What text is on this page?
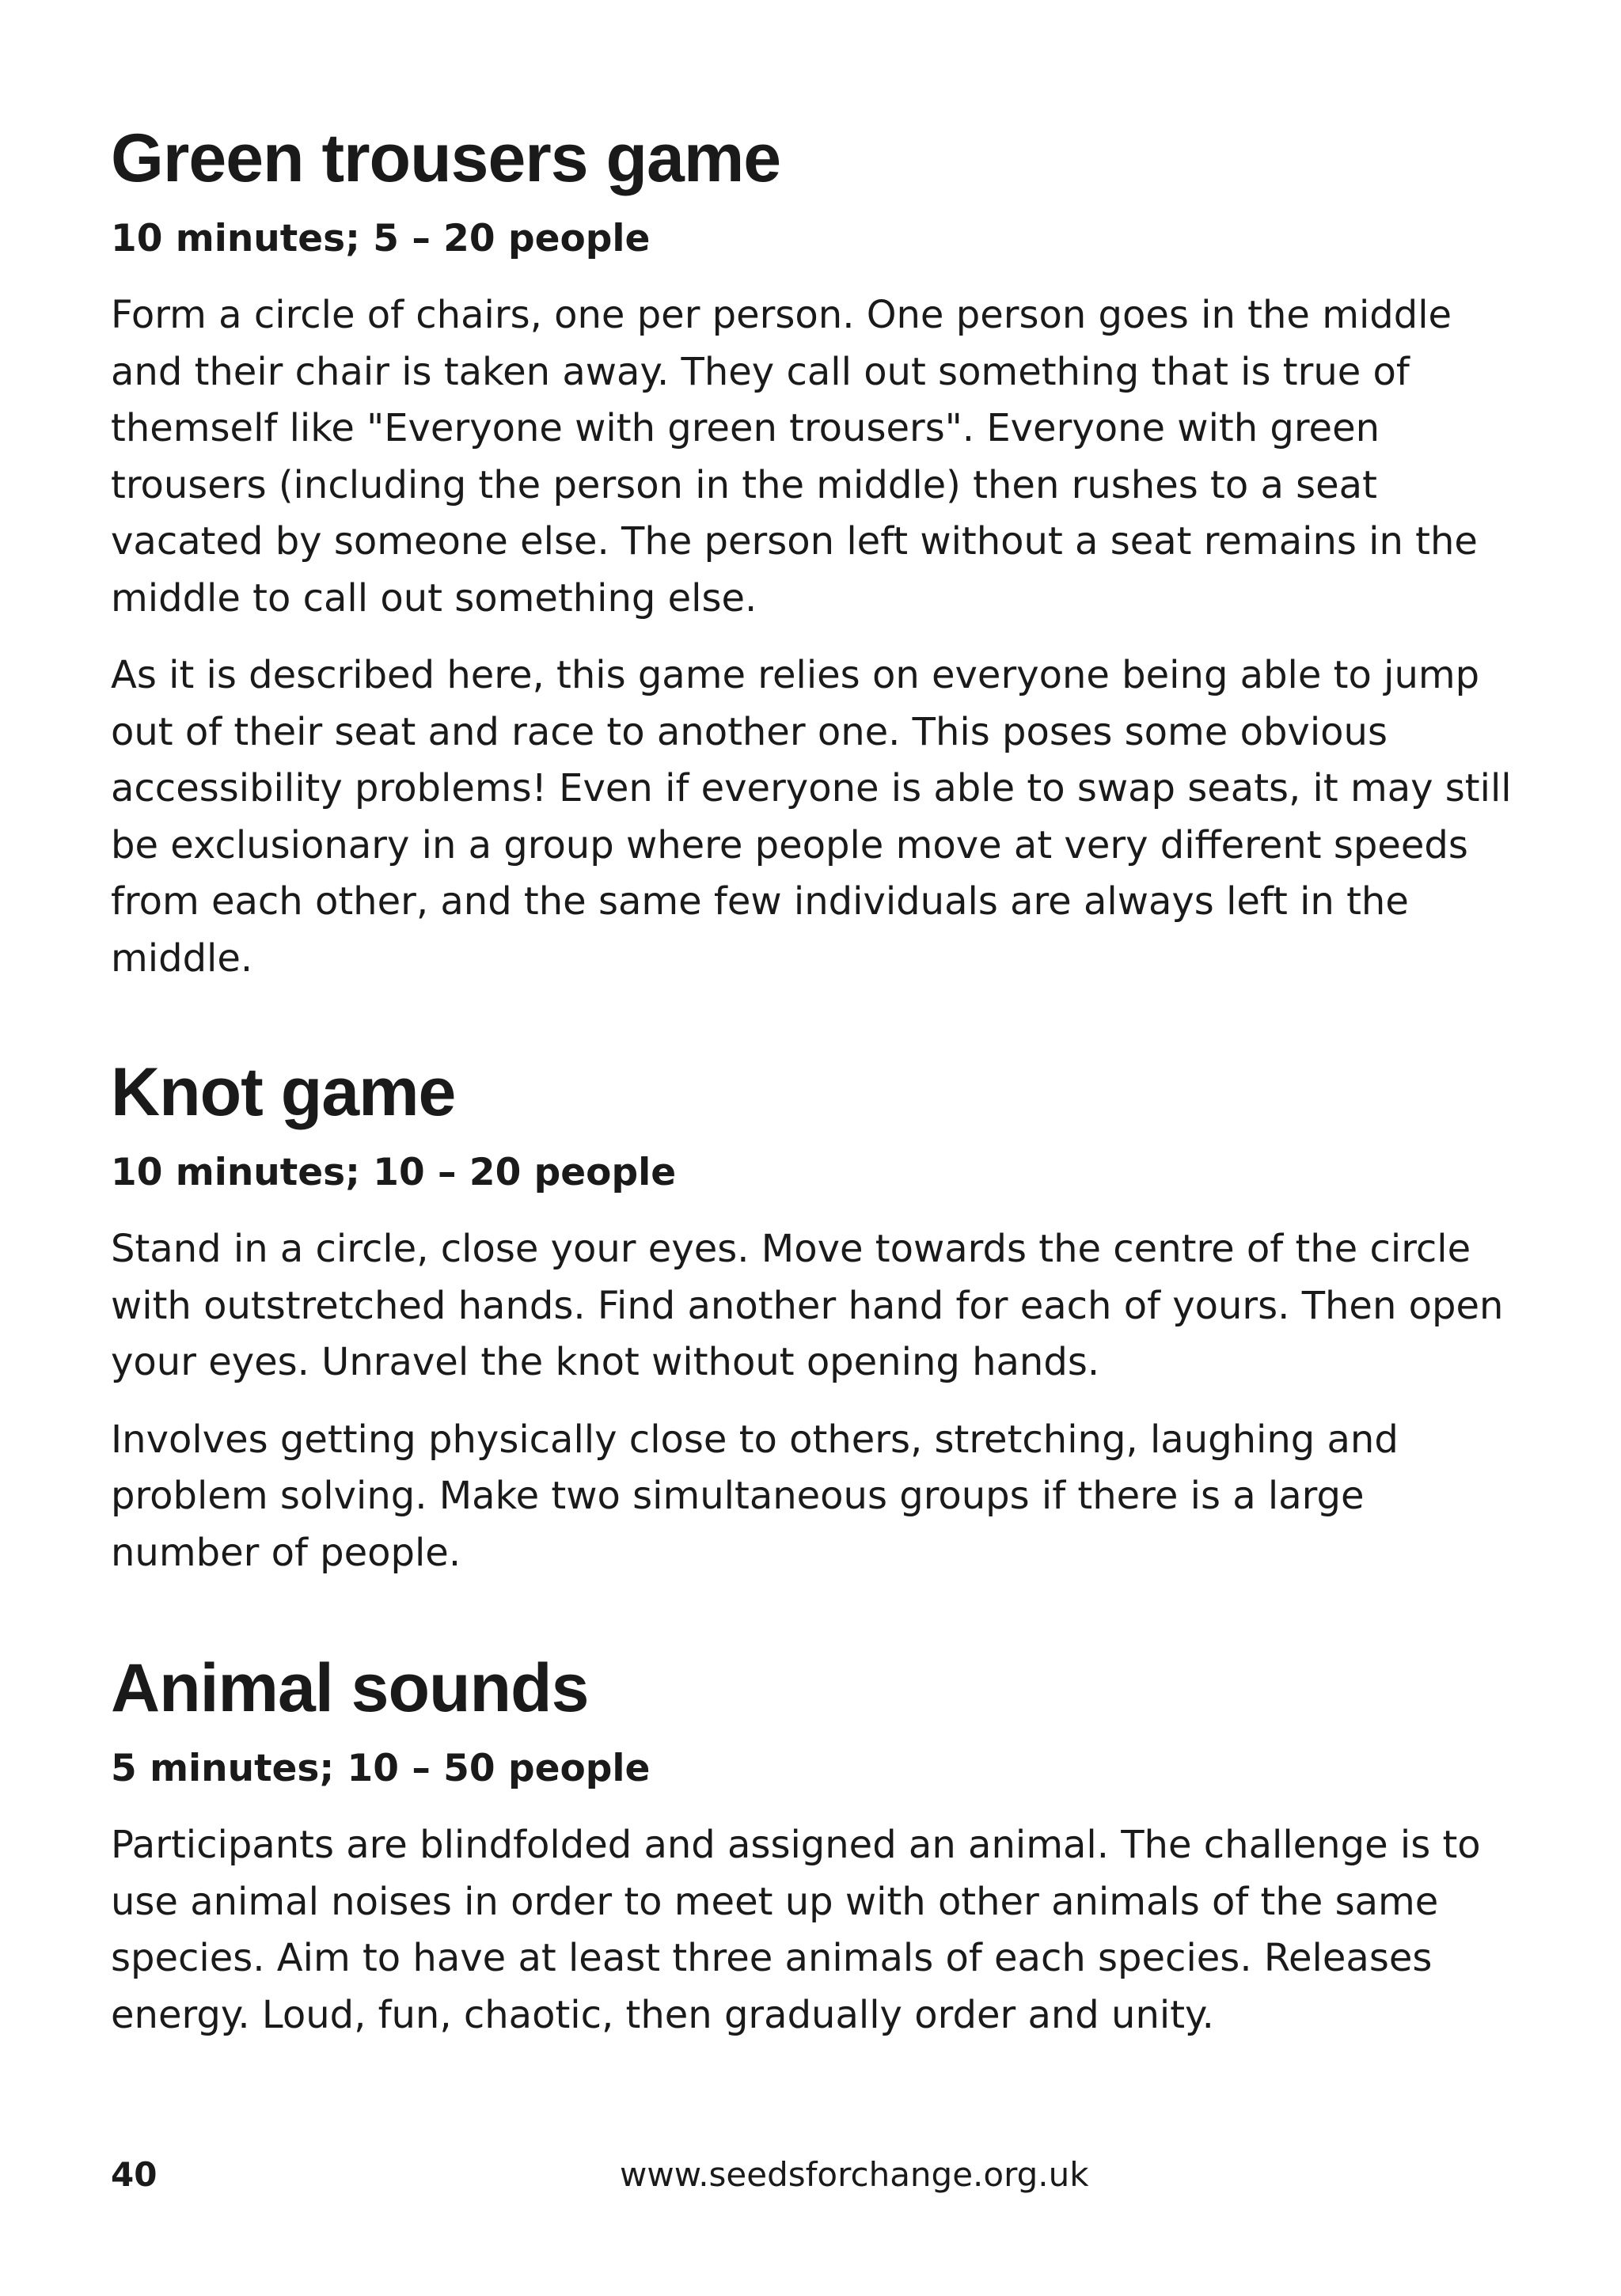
Green trousers game
10 minutes; 5 – 20 people

Form a circle of chairs, one per person. One person goes in the middle and their chair is taken away. They call out something that is true of themself like "Everyone with green trousers". Everyone with green trousers (including the person in the middle) then rushes to a seat vacated by someone else. The person left without a seat remains in the middle to call out something else.

As it is described here, this game relies on everyone being able to jump out of their seat and race to another one. This poses some obvious accessibility problems! Even if everyone is able to swap seats, it may still be exclusionary in a group where people move at very different speeds from each other, and the same few individuals are always left in the middle.

Knot game
10 minutes; 10 – 20 people

Stand in a circle, close your eyes. Move towards the centre of the circle with outstretched hands. Find another hand for each of yours. Then open your eyes. Unravel the knot without opening hands.

Involves getting physically close to others, stretching, laughing and problem solving. Make two simultaneous groups if there is a large number of people.

Animal sounds
5 minutes; 10 – 50 people

Participants are blindfolded and assigned an animal. The challenge is to use animal noises in order to meet up with other animals of the same species. Aim to have at least three animals of each species. Releases energy. Loud, fun, chaotic, then gradually order and unity.

40	www.seedsforchange.org.uk
